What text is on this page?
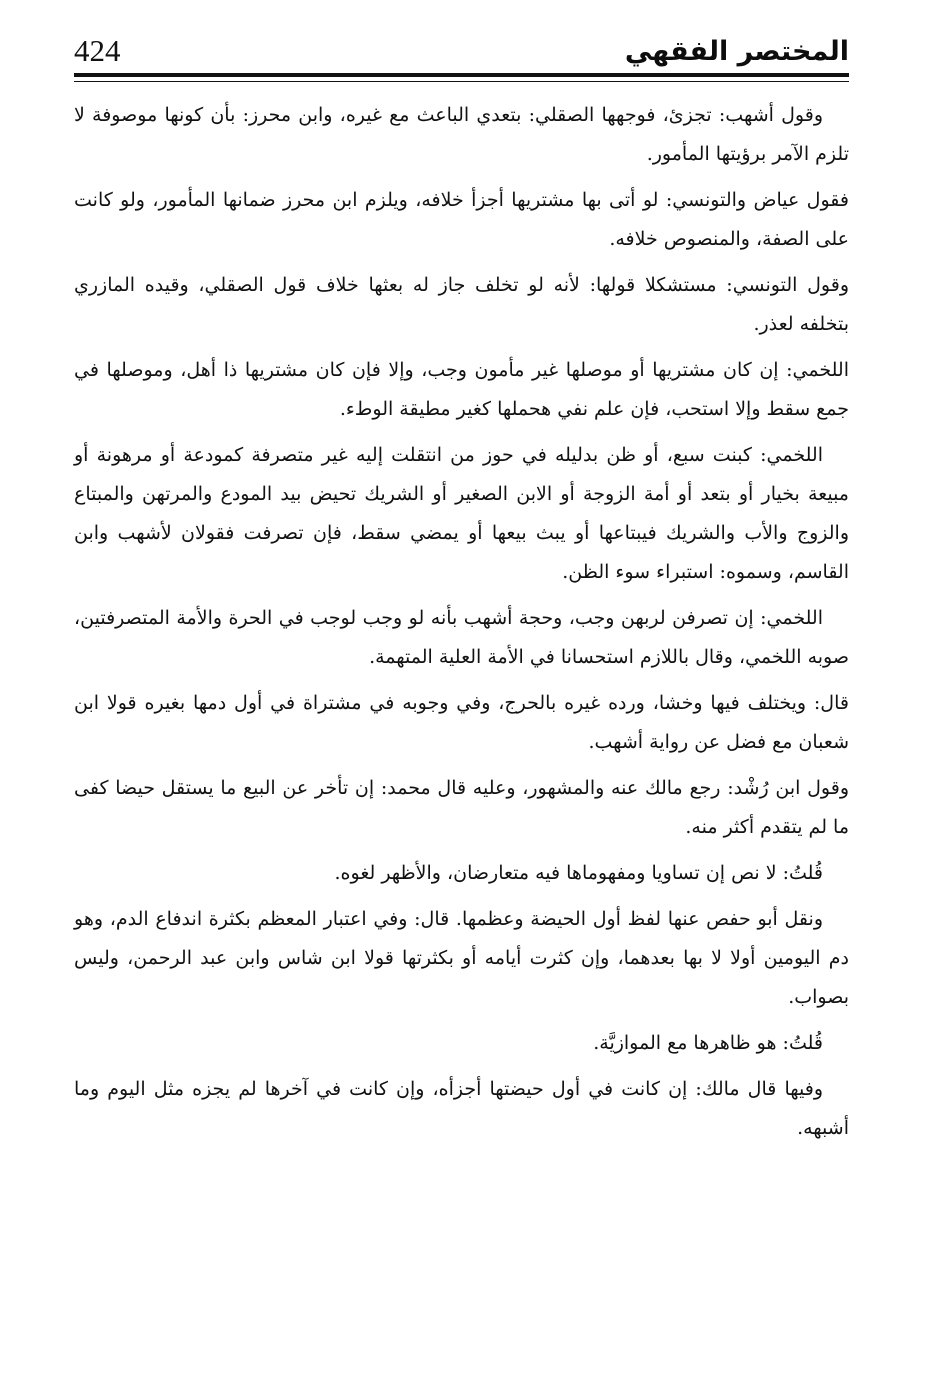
المختصر الفقهي
424

وقول أشهب: تجزئ، فوجهها الصقلي: بتعدي الباعث مع غيره، وابن محرز: بأن كونها موصوفة لا تلزم الآمر برؤيتها المأمور.

فقول عياض والتونسي: لو أتى بها مشتريها أجزأ خلافه، ويلزم ابن محرز ضمانها المأمور، ولو كانت على الصفة، والمنصوص خلافه.

وقول التونسي: مستشكلا قولها: لأنه لو تخلف جاز له بعثها خلاف قول الصقلي، وقيده المازري بتخلفه لعذر.

اللخمي: إن كان مشتريها أو موصلها غير مأمون وجب، وإلا فإن كان مشتريها ذا أهل، وموصلها في جمع سقط وإلا استحب، فإن علم نفي هحملها كغير مطيقة الوطء.

اللخمي: كبنت سبع، أو ظن بدليله في حوز من انتقلت إليه غير متصرفة كمودعة أو مرهونة أو مبيعة بخيار أو بتعد أو أمة الزوجة أو الابن الصغير أو الشريك تحيض بيد المودع والمرتهن والمبتاع والزوج والأب والشريك فيبتاعها أو يبث بيعها أو يمضي سقط، فإن تصرفت فقولان لأشهب وابن القاسم، وسموه: استبراء سوء الظن.

اللخمي: إن تصرفن لربهن وجب، وحجة أشهب بأنه لو وجب لوجب في الحرة والأمة المتصرفتين، صوبه اللخمي، وقال باللازم استحسانا في الأمة العلية المتهمة.

قال: ويختلف فيها وخشا، ورده غيره بالحرج، وفي وجوبه في مشتراة في أول دمها بغيره قولا ابن شعبان مع فضل عن رواية أشهب.

وقول ابن رُشْد: رجع مالك عنه والمشهور، وعليه قال محمد: إن تأخر عن البيع ما يستقل حيضا كفى ما لم يتقدم أكثر منه.

قُلتُ: لا نص إن تساويا ومفهوماها فيه متعارضان، والأظهر لغوه.

ونقل أبو حفص عنها لفظ أول الحيضة وعظمها. قال: وفي اعتبار المعظم بكثرة اندفاع الدم، وهو دم اليومين أولا لا بها بعدهما، وإن كثرت أيامه أو بكثرتها قولا ابن شاس وابن عبد الرحمن، وليس بصواب.

قُلتُ: هو ظاهرها مع الموازيَّة.

وفيها قال مالك: إن كانت في أول حيضتها أجزأه، وإن كانت في آخرها لم يجزه مثل اليوم وما أشبهه.
